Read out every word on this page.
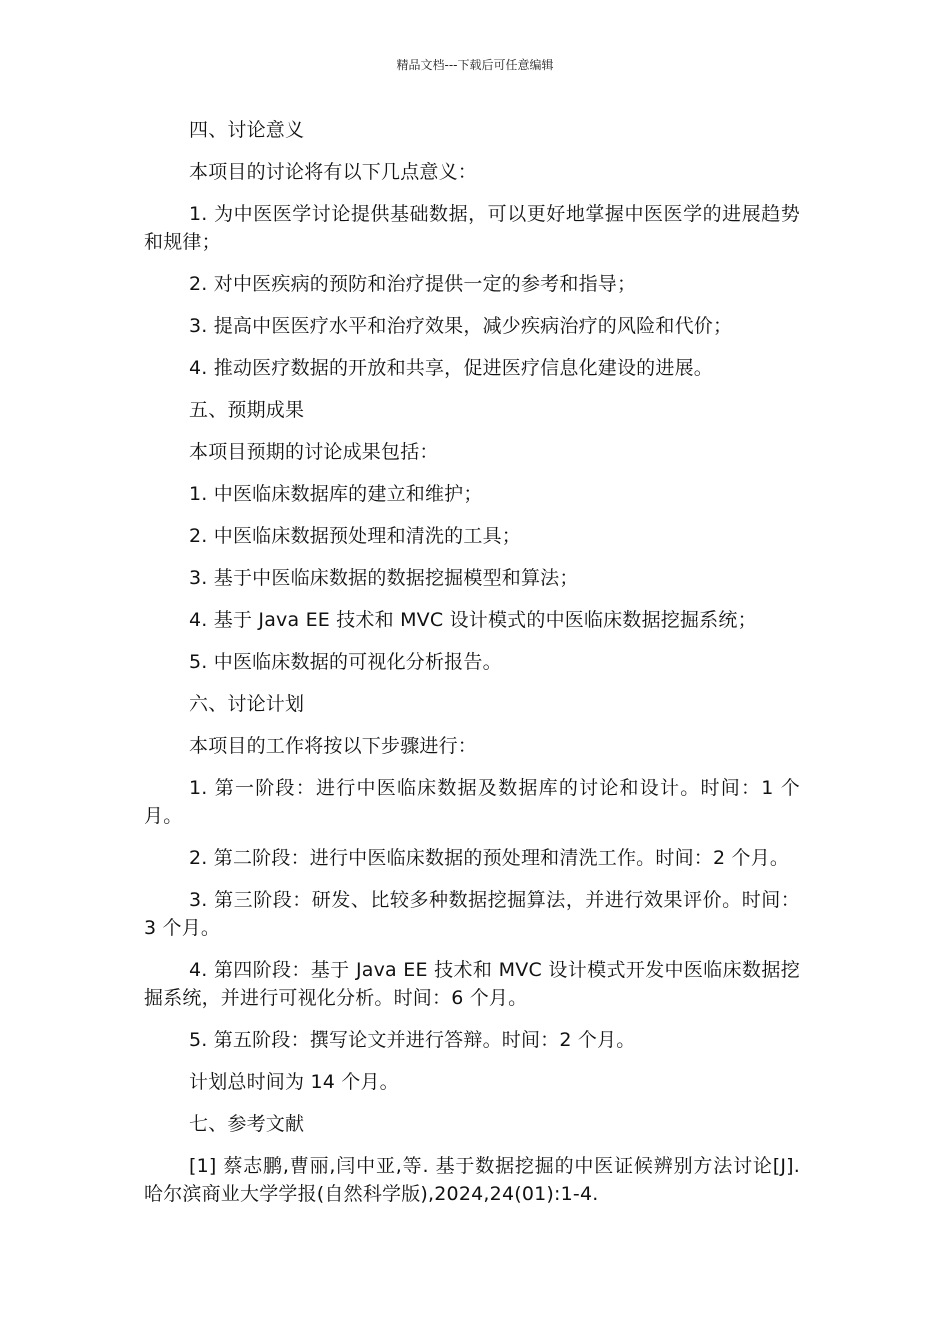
精品文档---下载后可任意编辑

四、讨论意义

本项目的讨论将有以下几点意义：

1. 为中医医学讨论提供基础数据，可以更好地掌握中医医学的进展趋势和规律；

2. 对中医疾病的预防和治疗提供一定的参考和指导；

3. 提高中医医疗水平和治疗效果，减少疾病治疗的风险和代价；

4. 推动医疗数据的开放和共享，促进医疗信息化建设的进展。

五、预期成果

本项目预期的讨论成果包括：

1. 中医临床数据库的建立和维护；

2. 中医临床数据预处理和清洗的工具；

3. 基于中医临床数据的数据挖掘模型和算法；

4. 基于 Java EE 技术和 MVC 设计模式的中医临床数据挖掘系统；

5. 中医临床数据的可视化分析报告。

六、讨论计划

本项目的工作将按以下步骤进行：

1. 第一阶段：进行中医临床数据及数据库的讨论和设计。时间：1 个月。

2. 第二阶段：进行中医临床数据的预处理和清洗工作。时间：2 个月。

3. 第三阶段：研发、比较多种数据挖掘算法，并进行效果评价。时间：3 个月。

4. 第四阶段：基于 Java EE 技术和 MVC 设计模式开发中医临床数据挖掘系统，并进行可视化分析。时间：6 个月。

5. 第五阶段：撰写论文并进行答辩。时间：2 个月。

计划总时间为 14 个月。

七、参考文献

[1] 蔡志鹏,曹丽,闫中亚,等. 基于数据挖掘的中医证候辨别方法讨论[J]. 哈尔滨商业大学学报(自然科学版),2024,24(01):1-4.
